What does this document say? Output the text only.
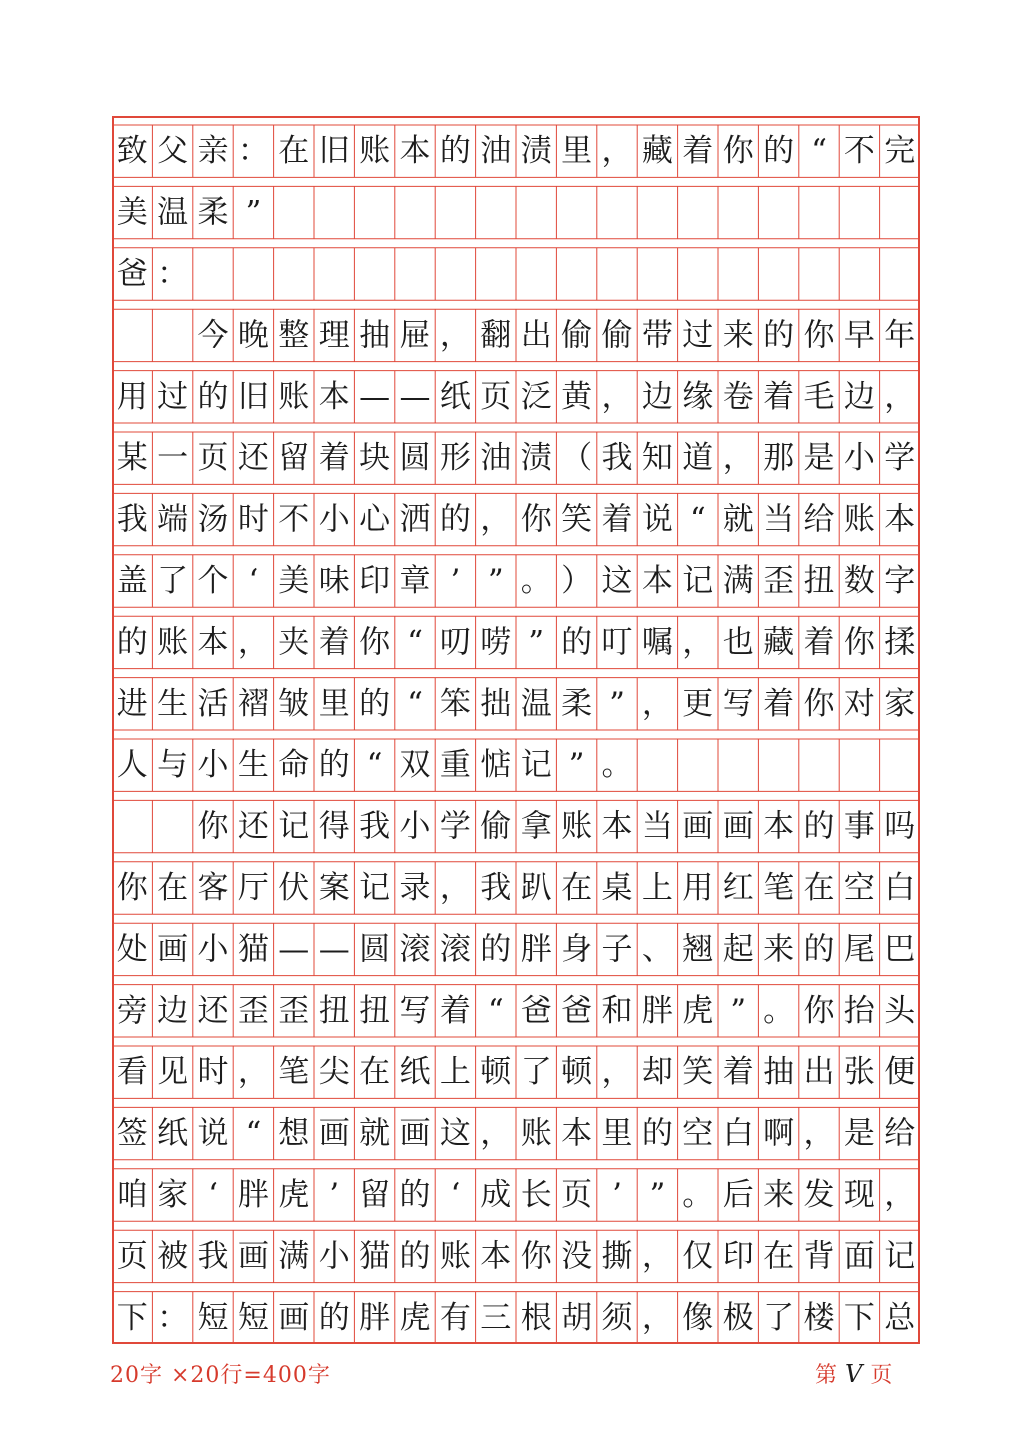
致 父 亲 ： 在 旧 账 本 的 油 渍 里 ， 藏 着 你 的 “ 不 完
美 温 柔 ”
爸 ：
今 晚 整 理 抽 屉 ， 翻 出 偷 偷 带 过 来 的 你 早 年
用 过 的 旧 账 本 — — 纸 页 泛 黄 ， 边 缘 卷 着 毛 边 ，
某 一 页 还 留 着 块 圆 形 油 渍 （ 我 知 道 ， 那 是 小 学
我 端 汤 时 不 小 心 洒 的 ， 你 笑 着 说 “ 就 当 给 账 本
盖 了 个 ‘ 美 味 印 章 ’ ” 。 ） 这 本 记 满 歪 扭 数 字
的 账 本 ， 夹 着 你 “ 叨 唠 ” 的 叮 嘱 ， 也 藏 着 你 揉
进 生 活 褶 皱 里 的 “ 笨 拙 温 柔 ” ， 更 写 着 你 对 家
人 与 小 生 命 的 “ 双 重 惦 记 ” 。
你 还 记 得 我 小 学 偷 拿 账 本 当 画 画 本 的 事 吗
你 在 客 厅 伏 案 记 录 ， 我 趴 在 桌 上 用 红 笔 在 空 白
处 画 小 猫 — — 圆 滚 滚 的 胖 身 子 、 翘 起 来 的 尾 巴
旁 边 还 歪 歪 扭 扭 写 着 “ 爸 爸 和 胖 虎 ” 。 你 抬 头
看 见 时 ， 笔 尖 在 纸 上 顿 了 顿 ， 却 笑 着 抽 出 张 便
签 纸 说 “ 想 画 就 画 这 ， 账 本 里 的 空 白 啊 ， 是 给
咱 家 ‘ 胖 虎 ’ 留 的 ‘ 成 长 页 ’ ” 。 后 来 发 现 ，
页 被 我 画 满 小 猫 的 账 本 你 没 撕 ， 仅 印 在 背 面 记
下 ： 短 短 画 的 胖 虎 有 三 根 胡 须 ， 像 极 了 楼 下 总
20字 ×20行=400字	第 V 页
